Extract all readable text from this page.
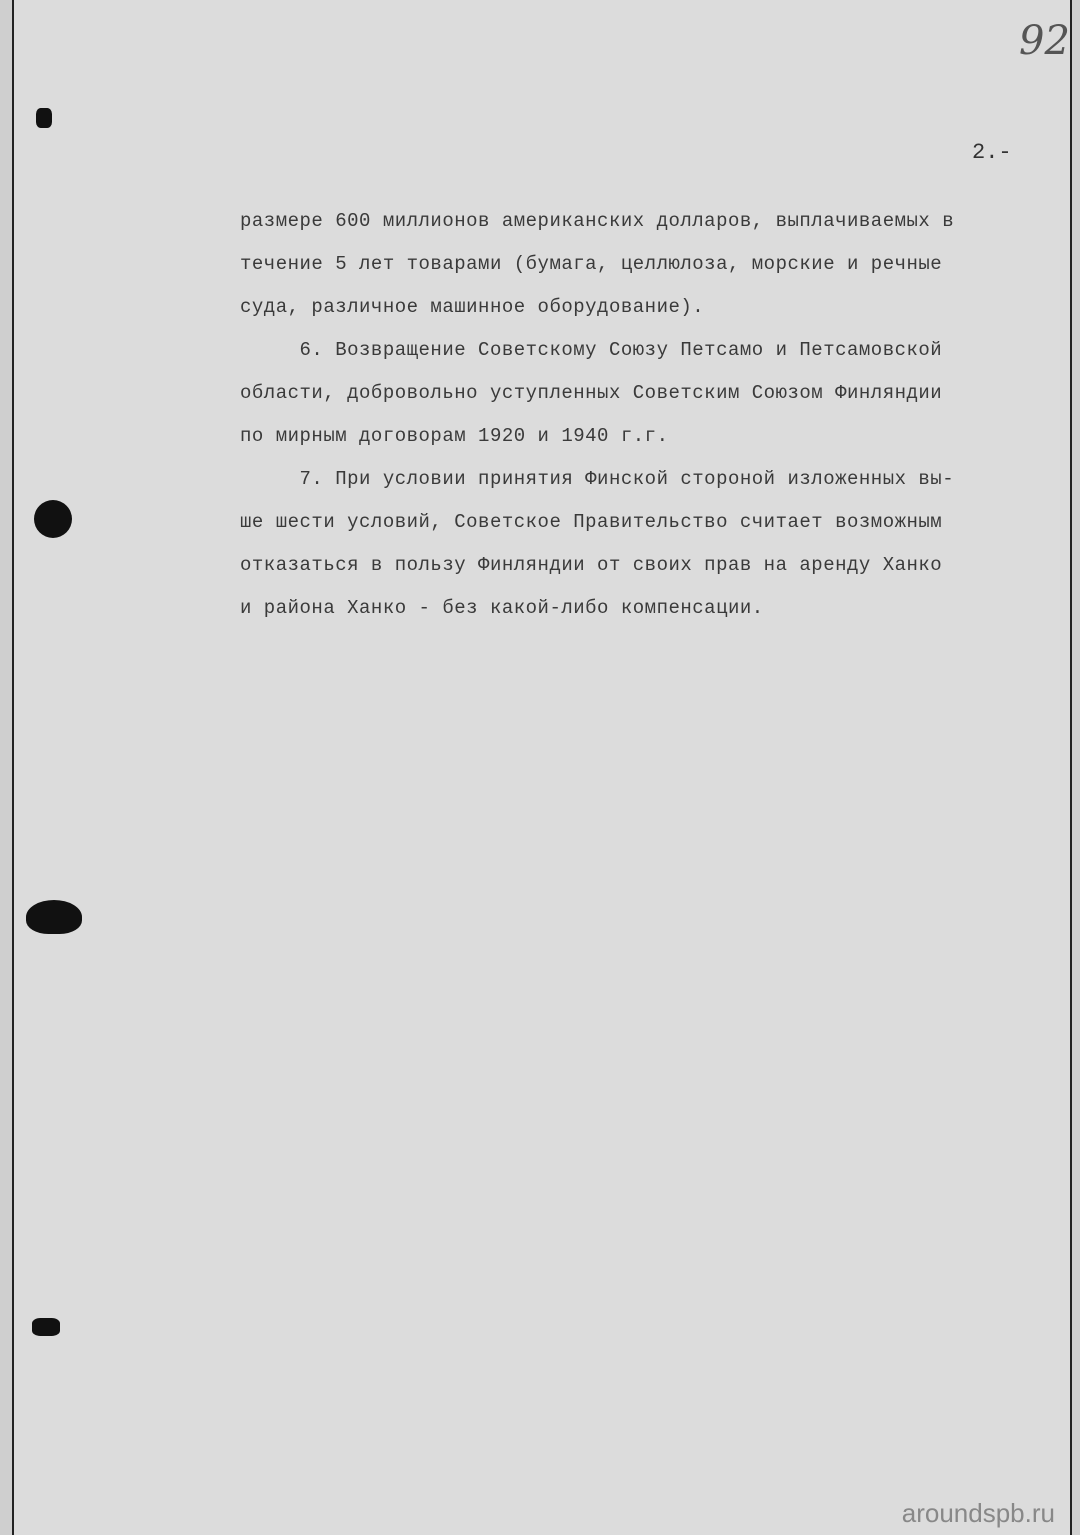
92
2.-
размере 600 миллионов американских долларов, выплачиваемых в
течение 5 лет товарами (бумага, целлюлоза, морские и речные
суда, различное машинное оборудование).
6. Возвращение Советскому Союзу Петсамо и Петсамовской
области, добровольно уступленных Советским Союзом Финляндии
по мирным договорам 1920 и 1940 г.г.
7. При условии принятия Финской стороной изложенных вы-
ше шести условий, Советское Правительство считает возможным
отказаться в пользу Финляндии от своих прав на аренду Ханко
и района Ханко - без какой-либо компенсации.
aroundspb.ru
